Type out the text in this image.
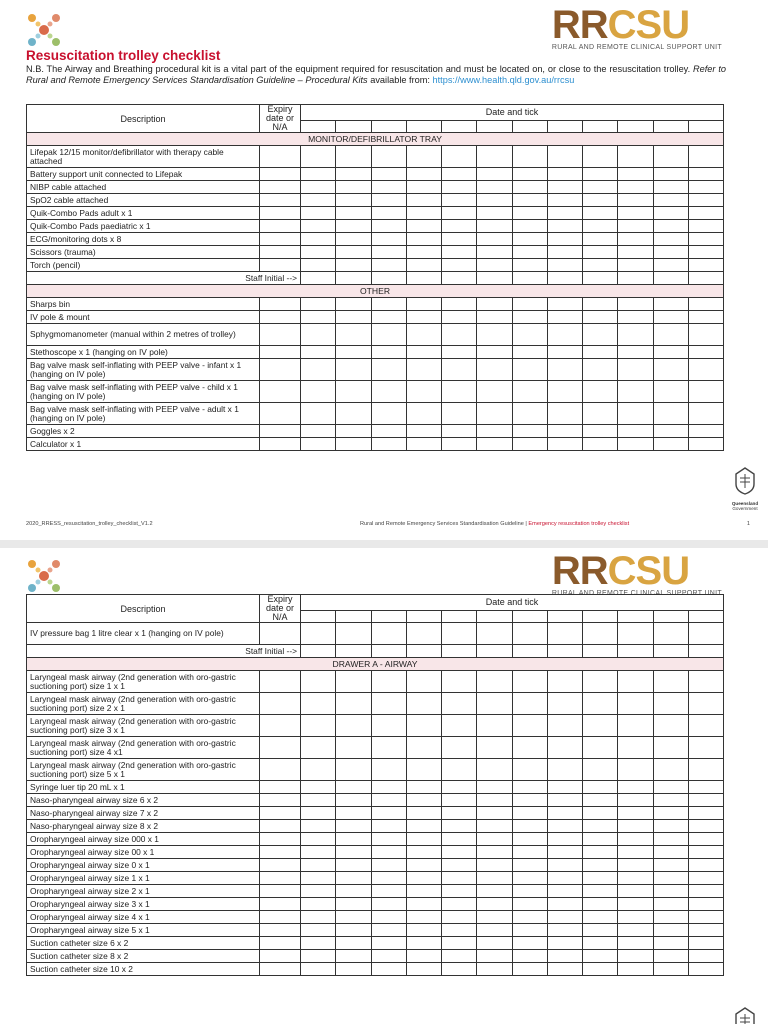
RRCSU
RURAL AND REMOTE CLINICAL SUPPORT UNIT
Resuscitation trolley checklist
N.B. The Airway and Breathing procedural kit is a vital part of the equipment required for resuscitation and must be located on, or close to the resuscitation trolley. Refer to Rural and Remote Emergency Services Standardisation Guideline – Procedural Kits available from: https://www.health.qld.gov.au/rrcsu
Description	Expiry date or N/A	Date and tick											

MONITOR/DEFIBRILLATOR TRAY													
Lifepak 12/15 monitor/defibrillator with therapy cable attached													
Battery support unit connected to Lifepak													
NIBP cable attached													
SpO2 cable attached													
Quik-Combo Pads adult x 1													
Quik-Combo Pads paediatric x 1													
ECG/monitoring dots x 8													
Scissors (trauma)													
Torch (pencil)													
Staff Initial -->													
OTHER													
Sharps bin													
IV pole & mount													
Sphygmomanometer (manual within 2 metres of trolley)													
Stethoscope x 1 (hanging on IV pole)													
Bag valve mask self-inflating with PEEP valve - infant x 1 (hanging on IV pole)													
Bag valve mask self-inflating with PEEP valve - child x 1 (hanging on IV pole)													
Bag valve mask self-inflating with PEEP valve - adult x 1 (hanging on IV pole)													
Goggles x 2													
Calculator x 1													
2020_RRESS_resuscitation_trolley_checklist_V1.2	Rural and Remote Emergency Services Standardisation Guideline | Emergency resuscitation trolley checklist	1
Queensland
Government
RRCSU
RURAL AND REMOTE CLINICAL SUPPORT UNIT
Description	Expiry date or N/A	Date and tick											

IV pressure bag 1 litre clear x 1 (hanging on IV pole)													
Staff Initial -->													
DRAWER A - AIRWAY													
Laryngeal mask airway (2nd generation with oro-gastric suctioning port) size 1 x 1													
Laryngeal mask airway (2nd generation with oro-gastric suctioning port) size 2 x 1													
Laryngeal mask airway (2nd generation with oro-gastric suctioning port) size 3 x 1													
Laryngeal mask airway (2nd generation with oro-gastric suctioning port) size 4 x1													
Laryngeal mask airway (2nd generation with oro-gastric suctioning port) size 5 x 1													
Syringe luer tip 20 mL x 1													
Naso-pharyngeal airway size 6 x 2													
Naso-pharyngeal airway size 7 x 2													
Naso-pharyngeal airway size 8 x 2													
Oropharyngeal airway size 000 x 1													
Oropharyngeal airway size 00 x 1													
Oropharyngeal airway size 0 x 1													
Oropharyngeal airway size 1 x 1													
Oropharyngeal airway size 2 x 1													
Oropharyngeal airway size 3 x 1													
Oropharyngeal airway size 4 x 1													
Oropharyngeal airway size 5 x 1													
Suction catheter size 6 x 2													
Suction catheter size 8 x 2													
Suction catheter size 10 x 2													
